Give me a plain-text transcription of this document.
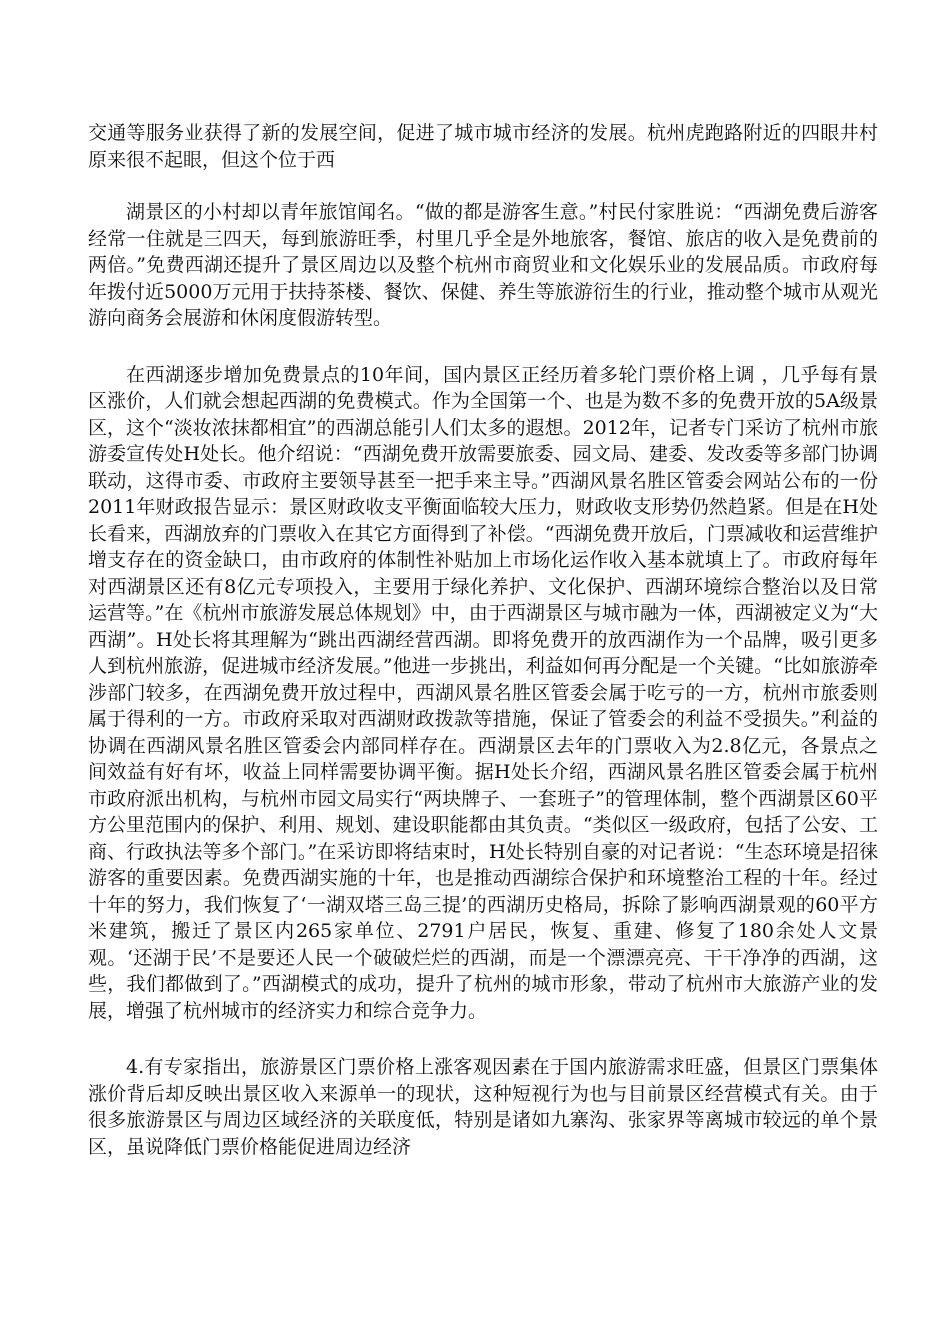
交通等服务业获得了新的发展空间，促进了城市城市经济的发展。杭州虎跑路附近的四眼井村原来很不起眼，但这个位于西

湖景区的小村却以青年旅馆闻名。“做的都是游客生意。”村民付家胜说：“西湖免费后游客经常一住就是三四天，每到旅游旺季，村里几乎全是外地旅客，餐馆、旅店的收入是免费前的两倍。”免费西湖还提升了景区周边以及整个杭州市商贸业和文化娱乐业的发展品质。市政府每年拨付近5000万元用于扶持茶楼、餐饮、保健、养生等旅游衍生的行业，推动整个城市从观光游向商务会展游和休闲度假游转型。

在西湖逐步增加免费景点的10年间，国内景区正经历着多轮门票价格上调 ，几乎每有景区涨价，人们就会想起西湖的免费模式。作为全国第一个、也是为数不多的免费开放的5A级景区，这个“淡妆浓抹都相宜”的西湖总能引人们太多的遐想。2012年，记者专门采访了杭州市旅游委宣传处H处长。他介绍说：“西湖免费开放需要旅委、园文局、建委、发改委等多部门协调联动，这得市委、市政府主要领导甚至一把手来主导。”西湖风景名胜区管委会网站公布的一份2011年财政报告显示：景区财政收支平衡面临较大压力，财政收支形势仍然趋紧。但是在H处长看来，西湖放弃的门票收入在其它方面得到了补偿。“西湖免费开放后，门票减收和运营维护增支存在的资金缺口，由市政府的体制性补贴加上市场化运作收入基本就填上了。市政府每年对西湖景区还有8亿元专项投入，主要用于绿化养护、文化保护、西湖环境综合整治以及日常运营等。”在《杭州市旅游发展总体规划》中，由于西湖景区与城市融为一体，西湖被定义为“大西湖”。H处长将其理解为“跳出西湖经营西湖。即将免费开的放西湖作为一个品牌，吸引更多人到杭州旅游，促进城市经济发展。”他进一步挑出，利益如何再分配是一个关键。“比如旅游牵涉部门较多，在西湖免费开放过程中，西湖风景名胜区管委会属于吃亏的一方，杭州市旅委则属于得利的一方。市政府采取对西湖财政拨款等措施，保证了管委会的利益不受损失。”利益的协调在西湖风景名胜区管委会内部同样存在。西湖景区去年的门票收入为2.8亿元，各景点之间效益有好有坏，收益上同样需要协调平衡。据H处长介绍，西湖风景名胜区管委会属于杭州市政府派出机构，与杭州市园文局实行“两块牌子、一套班子”的管理体制，整个西湖景区60平方公里范围内的保护、利用、规划、建设职能都由其负责。“类似区一级政府，包括了公安、工商、行政执法等多个部门。”在采访即将结束时，H处长特别自豪的对记者说：“生态环境是招徕游客的重要因素。免费西湖实施的十年，也是推动西湖综合保护和环境整治工程的十年。经过十年的努力，我们恢复了‘一湖双塔三岛三提’的西湖历史格局，拆除了影响西湖景观的60平方米建筑，搬迁了景区内265家单位、2791户居民，恢复、重建、修复了180余处人文景观。‘还湖于民’不是要还人民一个破破烂烂的西湖，而是一个漂漂亮亮、干干净净的西湖，这些，我们都做到了。”西湖模式的成功，提升了杭州的城市形象，带动了杭州市大旅游产业的发展，增强了杭州城市的经济实力和综合竞争力。

4.有专家指出，旅游景区门票价格上涨客观因素在于国内旅游需求旺盛，但景区门票集体涨价背后却反映出景区收入来源单一的现状，这种短视行为也与目前景区经营模式有关。由于很多旅游景区与周边区域经济的关联度低，特别是诸如九寨沟、张家界等离城市较远的单个景区，虽说降低门票价格能促进周边经济
